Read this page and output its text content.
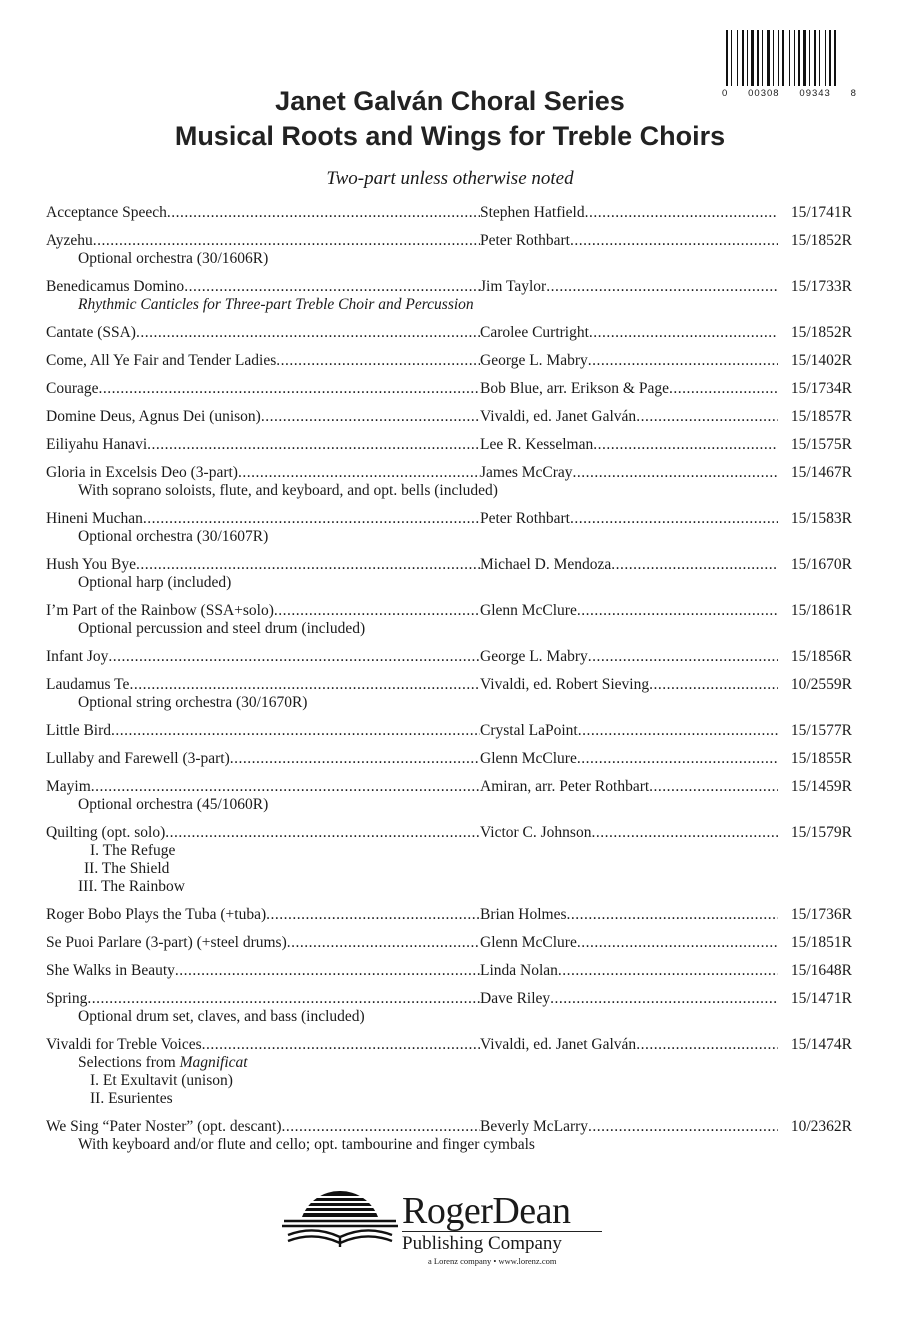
0 00308 09343 8
Janet Galván Choral Series
Musical Roots and Wings for Treble Choirs
Two-part unless otherwise noted
Acceptance Speech .....	Stephen Hatfield .....	15/1741R
Ayzehu .....	Peter Rothbart .....	15/1852R
Optional orchestra (30/1606R)
Benedicamus Domino .....	Jim Taylor .....	15/1733R
Rhythmic Canticles for Three-part Treble Choir and Percussion
Cantate (SSA) .....	Carolee Curtright .....	15/1852R
Come, All Ye Fair and Tender Ladies .....	George L. Mabry .....	15/1402R
Courage .....	Bob Blue, arr. Erikson & Page .....	15/1734R
Domine Deus, Agnus Dei (unison) .....	Vivaldi, ed. Janet Galván .....	15/1857R
Eiliyahu Hanavi .....	Lee R. Kesselman .....	15/1575R
Gloria in Excelsis Deo (3-part) .....	James McCray .....	15/1467R
With soprano soloists, flute, and keyboard, and opt. bells (included)
Hineni Muchan .....	Peter Rothbart .....	15/1583R
Optional orchestra (30/1607R)
Hush You Bye .....	Michael D. Mendoza .....	15/1670R
Optional harp (included)
I’m Part of the Rainbow (SSA+solo) .....	Glenn McClure .....	15/1861R
Optional percussion and steel drum (included)
Infant Joy .....	George L. Mabry .....	15/1856R
Laudamus Te .....	Vivaldi, ed. Robert Sieving .....	10/2559R
Optional string orchestra (30/1670R)
Little Bird .....	Crystal LaPoint .....	15/1577R
Lullaby and Farewell (3-part) .....	Glenn McClure .....	15/1855R
Mayim .....	Amiran, arr. Peter Rothbart .....	15/1459R
Optional orchestra (45/1060R)
Quilting (opt. solo) .....	Victor C. Johnson .....	15/1579R
I. The Refuge
II. The Shield
III. The Rainbow
Roger Bobo Plays the Tuba (+tuba) .....	Brian Holmes .....	15/1736R
Se Puoi Parlare (3-part) (+steel drums) .....	Glenn McClure .....	15/1851R
She Walks in Beauty .....	Linda Nolan .....	15/1648R
Spring .....	Dave Riley .....	15/1471R
Optional drum set, claves, and bass (included)
Vivaldi for Treble Voices .....	Vivaldi, ed. Janet Galván .....	15/1474R
Selections from Magnificat
I. Et Exultavit (unison)
II. Esurientes
We Sing “Pater Noster” (opt. descant) .....	Beverly McLarry .....	10/2362R
With keyboard and/or flute and cello; opt. tambourine and finger cymbals
RogerDean
Publishing Company
a Lorenz company • www.lorenz.com
